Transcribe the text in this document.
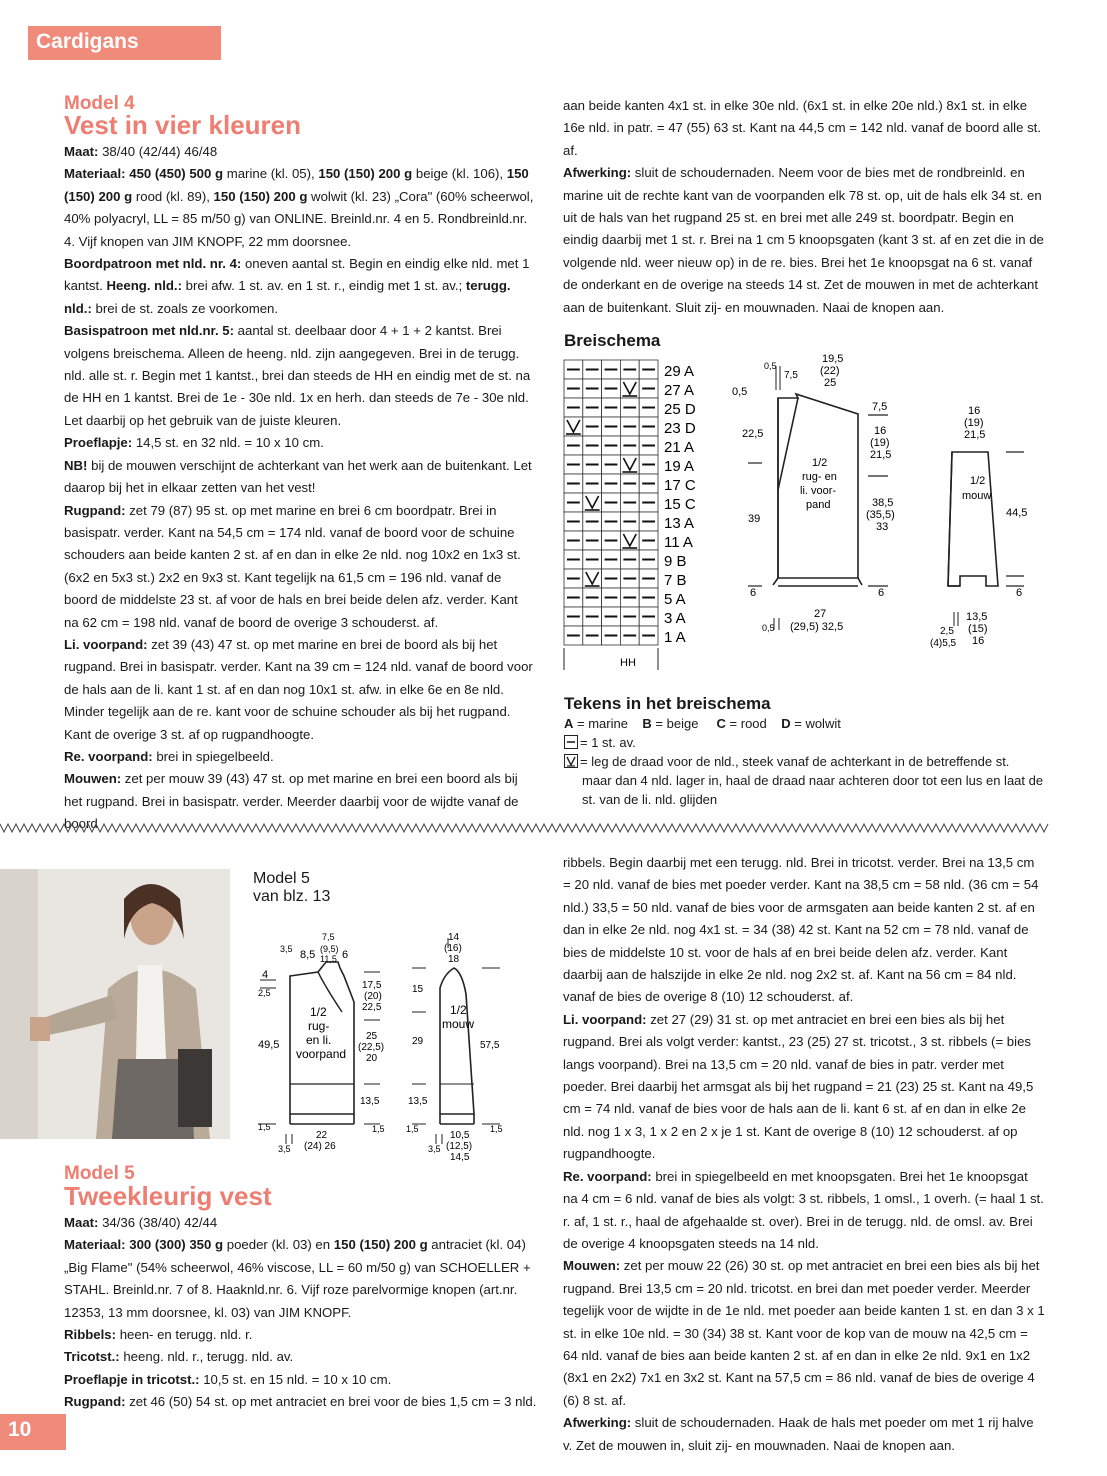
Cardigans
Model 4
Vest in vier kleuren

Maat: 38/40 (42/44) 46/48

Materiaal: 450 (450) 500 g marine (kl. 05), 150 (150) 200 g beige (kl. 106), 150 (150) 200 g rood (kl. 89), 150 (150) 200 g wolwit (kl. 23) „Cora" (60% scheerwol, 40% polyacryl, LL = 85 m/50 g) van ONLINE. Breinld.nr. 4 en 5. Rondbreinld.nr. 4. Vijf knopen van JIM KNOPF, 22 mm doorsnee.

Boordpatroon met nld. nr. 4: oneven aantal st. Begin en eindig elke nld. met 1 kantst. Heeng. nld.: brei afw. 1 st. av. en 1 st. r., eindig met 1 st. av.; terugg. nld.: brei de st. zoals ze voorkomen.

Basispatroon met nld.nr. 5: aantal st. deelbaar door 4 + 1 + 2 kantst. Brei volgens breischema. Alleen de heeng. nld. zijn aangegeven. Brei in de terugg. nld. alle st. r. Begin met 1 kantst., brei dan steeds de HH en eindig met de st. na de HH en 1 kantst. Brei de 1e - 30e nld. 1x en herh. dan steeds de 7e - 30e nld. Let daarbij op het gebruik van de juiste kleuren.

Proeflapje: 14,5 st. en 32 nld. = 10 x 10 cm.

NB! bij de mouwen verschijnt de achterkant van het werk aan de buitenkant. Let daarop bij het in elkaar zetten van het vest!

Rugpand: zet 79 (87) 95 st. op met marine en brei 6 cm boordpatr. Brei in basispatr. verder. Kant na 54,5 cm = 174 nld. vanaf de boord voor de schuine schouders aan beide kanten 2 st. af en dan in elke 2e nld. nog 10x2 en 1x3 st. (6x2 en 5x3 st.) 2x2 en 9x3 st. Kant tegelijk na 61,5 cm = 196 nld. vanaf de boord de middelste 23 st. af voor de hals en brei beide delen afz. verder. Kant na 62 cm = 198 nld. vanaf de boord de overige 3 schouderst. af.

Li. voorpand: zet 39 (43) 47 st. op met marine en brei de boord als bij het rugpand. Brei in basispatr. verder. Kant na 39 cm = 124 nld. vanaf de boord voor de hals aan de li. kant 1 st. af en dan nog 10x1 st. afw. in elke 6e en 8e nld. Minder tegelijk aan de re. kant voor de schuine schouder als bij het rugpand. Kant de overige 3 st. af op rugpandhoogte.

Re. voorpand: brei in spiegelbeeld.

Mouwen: zet per mouw 39 (43) 47 st. op met marine en brei een boord als bij het rugpand. Brei in basispatr. verder. Meerder daarbij voor de wijdte vanaf de boord

aan beide kanten 4x1 st. in elke 30e nld. (6x1 st. in elke 20e nld.) 8x1 st. in elke 16e nld. in patr. = 47 (55) 63 st. Kant na 44,5 cm = 142 nld. vanaf de boord alle st. af.

Afwerking: sluit de schoudernaden. Neem voor de bies met de rondbreinld. en marine uit de rechte kant van de voorpanden elk 78 st. op, uit de hals elk 34 st. en uit de hals van het rugpand 25 st. en brei met alle 249 st. boordpatr. Begin en eindig daarbij met 1 st. r. Brei na 1 cm 5 knoopsgaten (kant 3 st. af en zet die in de volgende nld. weer nieuw op) in de re. bies. Brei het 1e knoopsgat na 6 st. vanaf de onderkant en de overige na steeds 14 st. Zet de mouwen in met de achterkant aan de buitenkant. Sluit zij- en mouwnaden. Naai de knopen aan.

Breischema
29 A
27 A
25 D
23 D
21 A
19 A
17 C
15 C
13 A
11 A
9 B
7 B
5 A
3 A
1 A
HH
19,5
(22)
25
0,5
7,5
0,5
22,5
39
6
7,5
16
(19)
21,5
38,5
(35,5)
33
6
1/2
rug- en
li. voor-
pand
27
(29,5) 32,5
0,5
16
(19)
21,5
1/2
mouw
44,5
6
13,5
(15)
16
2,5
(4)5,5
Tekens in het breischema
A = marine B = beige C = rood D = wolwit
= 1 st. av.
= leg de draad voor de nld., steek vanaf de achterkant in de betreffende st.
maar dan 4 nld. lager in, haal de draad naar achteren door tot een lus en laat de
st. van de li. nld. glijden
Model 5
van blz. 13
7,5
3,5 8,5 (9,5)
11,5 6
4
2,5
49,5
1,5
17,5
(20)
22,5
25
(22,5)
20
13,5
1,5
1/2
rug-
en li.
voorpand
22
(24) 26
3,5
14
(16)
18
15
29
13,5
1,5
1/2
mouw
57,5
1,5
10,5
(12,5)
14,5
3,5
Model 5
Tweekleurig vest

Maat: 34/36 (38/40) 42/44

Materiaal: 300 (300) 350 g poeder (kl. 03) en 150 (150) 200 g antraciet (kl. 04) „Big Flame" (54% scheerwol, 46% viscose, LL = 60 m/50 g) van SCHOELLER + STAHL. Breinld.nr. 7 of 8. Haaknld.nr. 6. Vijf roze parelvormige knopen (art.nr. 12353, 13 mm doorsnee, kl. 03) van JIM KNOPF.

Ribbels: heen- en terugg. nld. r.

Tricotst.: heeng. nld. r., terugg. nld. av.

Proeflapje in tricotst.: 10,5 st. en 15 nld. = 10 x 10 cm.

Rugpand: zet 46 (50) 54 st. op met antraciet en brei voor de bies 1,5 cm = 3 nld.

ribbels. Begin daarbij met een terugg. nld. Brei in tricotst. verder. Brei na 13,5 cm = 20 nld. vanaf de bies met poeder verder. Kant na 38,5 cm = 58 nld. (36 cm = 54 nld.) 33,5 = 50 nld. vanaf de bies voor de armsgaten aan beide kanten 2 st. af en dan in elke 2e nld. nog 4x1 st. = 34 (38) 42 st. Kant na 52 cm = 78 nld. vanaf de bies de middelste 10 st. voor de hals af en brei beide delen afz. verder. Kant daarbij aan de halszijde in elke 2e nld. nog 2x2 st. af. Kant na 56 cm = 84 nld. vanaf de bies de overige 8 (10) 12 schouderst. af.

Li. voorpand: zet 27 (29) 31 st. op met antraciet en brei een bies als bij het rugpand. Brei als volgt verder: kantst., 23 (25) 27 st. tricotst., 3 st. ribbels (= bies langs voorpand). Brei na 13,5 cm = 20 nld. vanaf de bies in patr. verder met poeder. Brei daarbij het armsgat als bij het rugpand = 21 (23) 25 st. Kant na 49,5 cm = 74 nld. vanaf de bies voor de hals aan de li. kant 6 st. af en dan in elke 2e nld. nog 1 x 3, 1 x 2 en 2 x je 1 st. Kant de overige 8 (10) 12 schouderst. af op rugpandhoogte.

Re. voorpand: brei in spiegelbeeld en met knoopsgaten. Brei het 1e knoopsgat na 4 cm = 6 nld. vanaf de bies als volgt: 3 st. ribbels, 1 omsl., 1 overh. (= haal 1 st. r. af, 1 st. r., haal de afgehaalde st. over). Brei in de terugg. nld. de omsl. av. Brei de overige 4 knoopsgaten steeds na 14 nld.

Mouwen: zet per mouw 22 (26) 30 st. op met antraciet en brei een bies als bij het rugpand. Brei 13,5 cm = 20 nld. tricotst. en brei dan met poeder verder. Meerder tegelijk voor de wijdte in de 1e nld. met poeder aan beide kanten 1 st. en dan 3 x 1 st. in elke 10e nld. = 30 (34) 38 st. Kant voor de kop van de mouw na 42,5 cm = 64 nld. vanaf de bies aan beide kanten 2 st. af en dan in elke 2e nld. 9x1 en 1x2 (8x1 en 2x2) 7x1 en 3x2 st. Kant na 57,5 cm = 86 nld. vanaf de bies de overige 4 (6) 8 st. af.

Afwerking: sluit de schoudernaden. Haak de hals met poeder om met 1 rij halve v. Zet de mouwen in, sluit zij- en mouwnaden. Naai de knopen aan.

10
